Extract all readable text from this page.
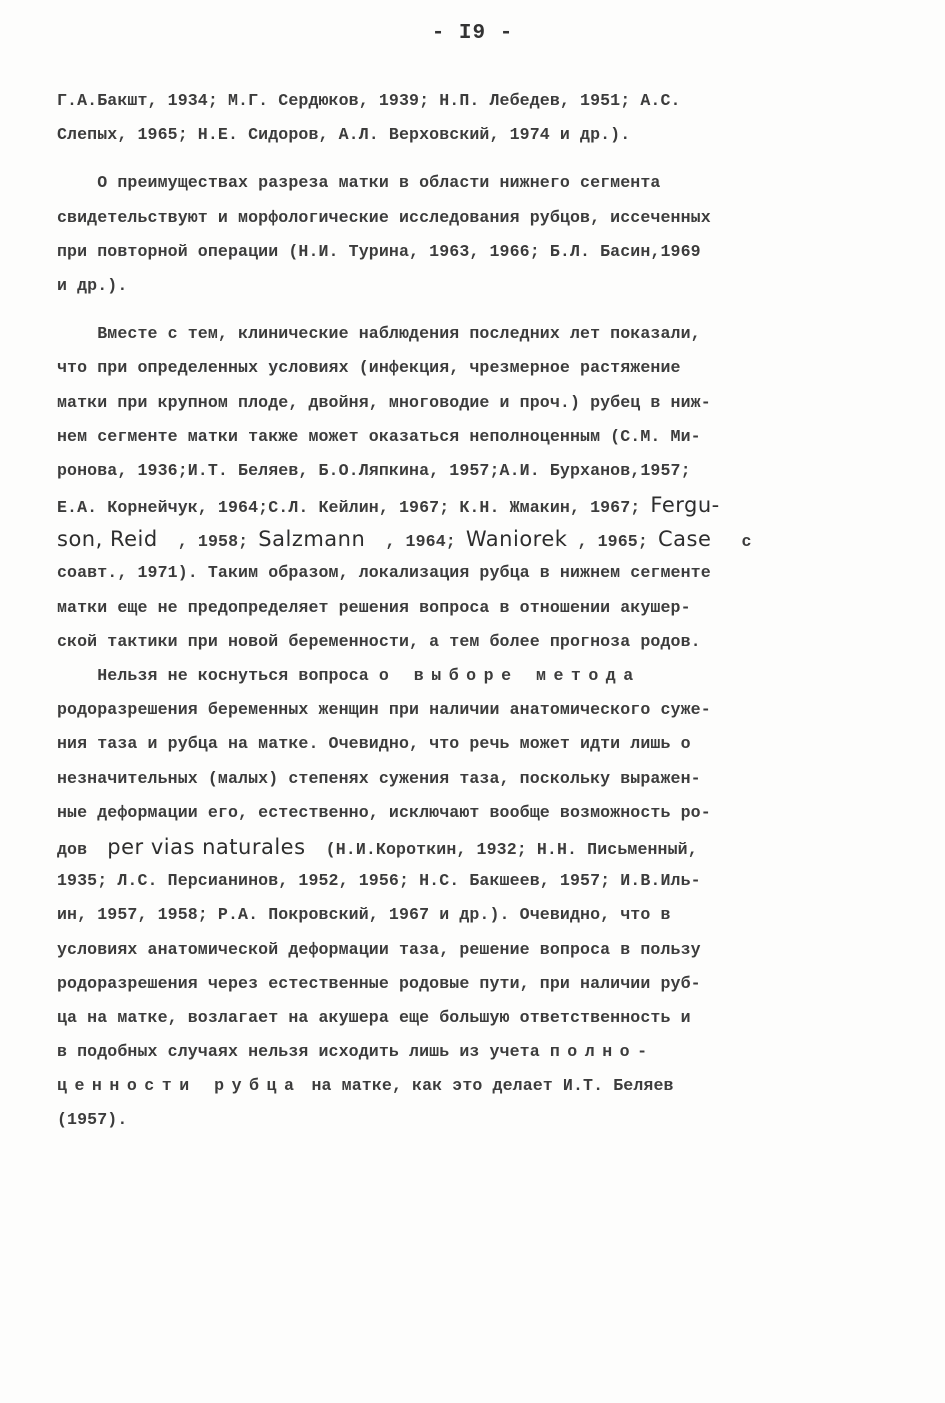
- I9 -
Г.А.Бакшт, 1934; М.Г. Сердюков, 1939; Н.П. Лебедев, 1951; А.С.
Слепых, 1965; Н.Е. Сидоров, А.Л. Верховский, 1974 и др.).
О преимуществах разреза матки в области нижнего сегмента
свидетельствуют и морфологические исследования рубцов, иссеченных
при повторной операции (Н.И. Турина, 1963, 1966; Б.Л. Басин,1969
и др.).
Вместе с тем, клинические наблюдения последних лет показали,
что при определенных условиях (инфекция, чрезмерное растяжение
матки при крупном плоде, двойня, многоводие и проч.) рубец в ниж-
нем сегменте матки также может оказаться неполноценным (С.М. Ми-
ронова, 1936;И.Т. Беляев, Б.О.Ляпкина, 1957;А.И. Бурханов,1957;
Е.А. Корнейчук, 1964;С.Л. Кейлин, 1967; К.Н. Жмакин, 1967; Fergu-
son, Reid  , 1958; Salzmann  , 1964; Waniorek , 1965; Case   с
соавт., 1971). Таким образом, локализация рубца в нижнем сегменте
матки еще не предопределяет решения вопроса в отношении акушер-
ской тактики при новой беременности, а тем более прогноза родов.
Нельзя не коснуться вопроса о выборе метода
родоразрешения беременных женщин при наличии анатомического суже-
ния таза и рубца на матке. Очевидно, что речь может идти лишь о
незначительных (малых) степенях сужения таза, поскольку выражен-
ные деформации его, естественно, исключают вообще возможность ро-
дов  per vias naturales  (Н.И.Короткин, 1932; Н.Н. Письменный,
1935; Л.С. Персианинов, 1952, 1956; Н.С. Бакшеев, 1957; И.В.Иль-
ин, 1957, 1958; Р.А. Покровский, 1967 и др.). Очевидно, что в
условиях анатомической деформации таза, решение вопроса в пользу
родоразрешения через естественные родовые пути, при наличии руб-
ца на матке, возлагает на акушера еще большую ответственность и
в подобных случаях нельзя исходить лишь из учета полно-
ценности рубца на матке, как это делает И.Т. Беляев
(1957).
